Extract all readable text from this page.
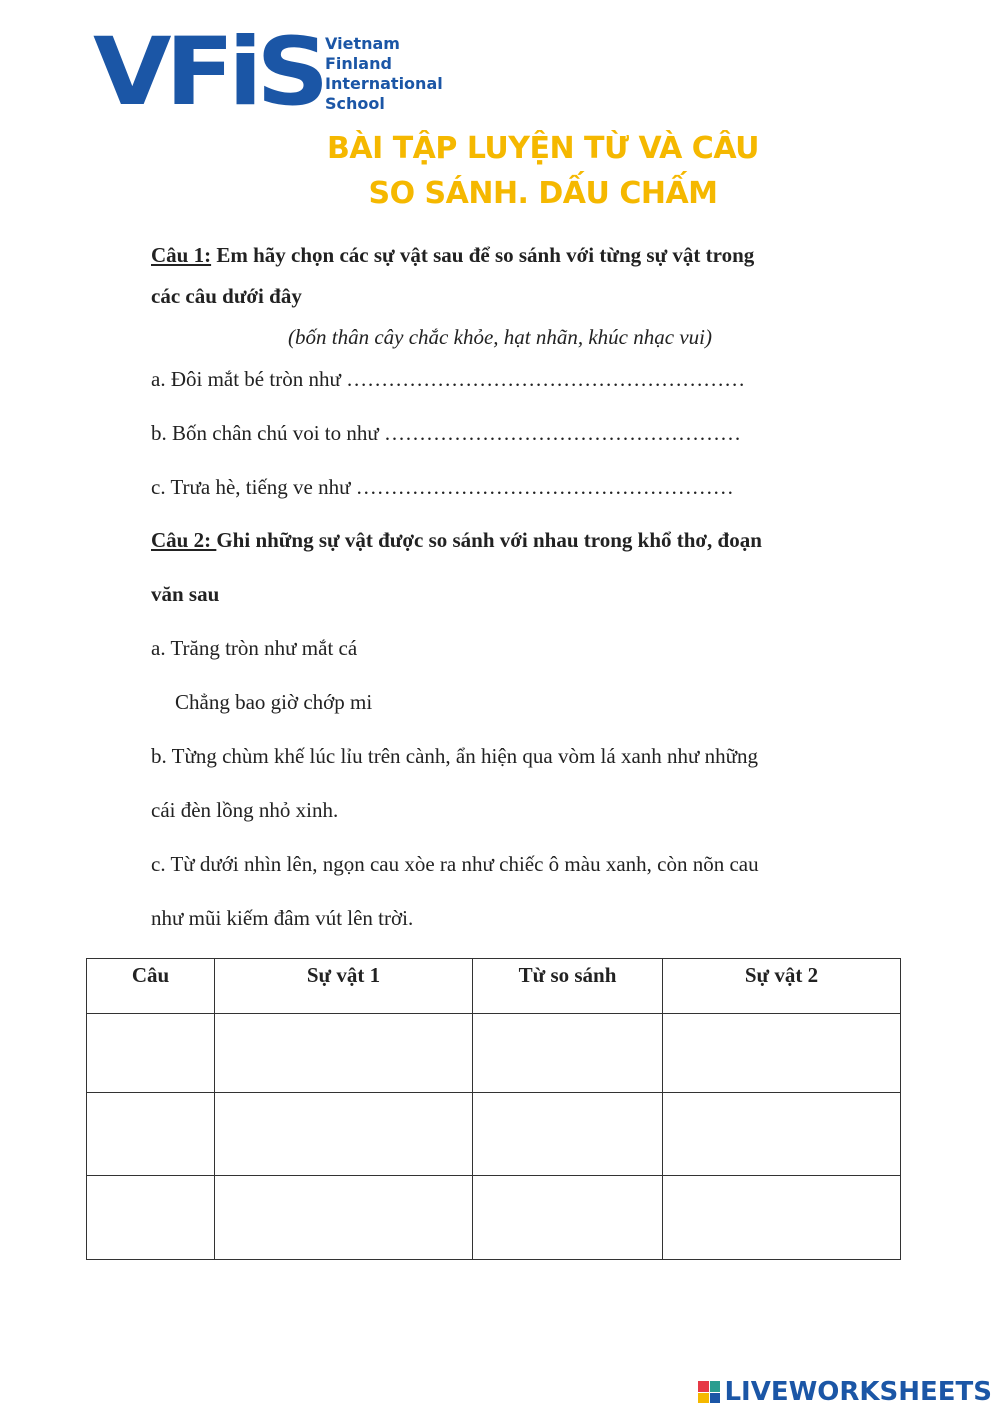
VFiS Vietnam
Finland
International
School
BÀI TẬP LUYỆN TỪ VÀ CÂU
SO SÁNH. DẤU CHẤM
Câu 1: Em hãy chọn các sự vật sau để so sánh với từng sự vật trong
các câu dưới đây
(bốn thân cây chắc khỏe, hạt nhãn, khúc nhạc vui)
a. Đôi mắt bé tròn như …………………………………………………
b. Bốn chân chú voi to như ……………………………………………
c. Trưa hè, tiếng ve như ………………………………………………
Câu 2: Ghi những sự vật được so sánh với nhau trong khổ thơ, đoạn
văn sau
a. Trăng tròn như mắt cá
Chẳng bao giờ chớp mi
b. Từng chùm khế lúc lỉu trên cành, ẩn hiện qua vòm lá xanh như những
cái đèn lồng nhỏ xinh.
c. Từ dưới nhìn lên, ngọn cau xòe ra như chiếc ô màu xanh, còn nõn cau
như mũi kiếm đâm vút lên trời.
Câu	Sự vật 1	Từ so sánh	Sự vật 2

LIVEWORKSHEETS
